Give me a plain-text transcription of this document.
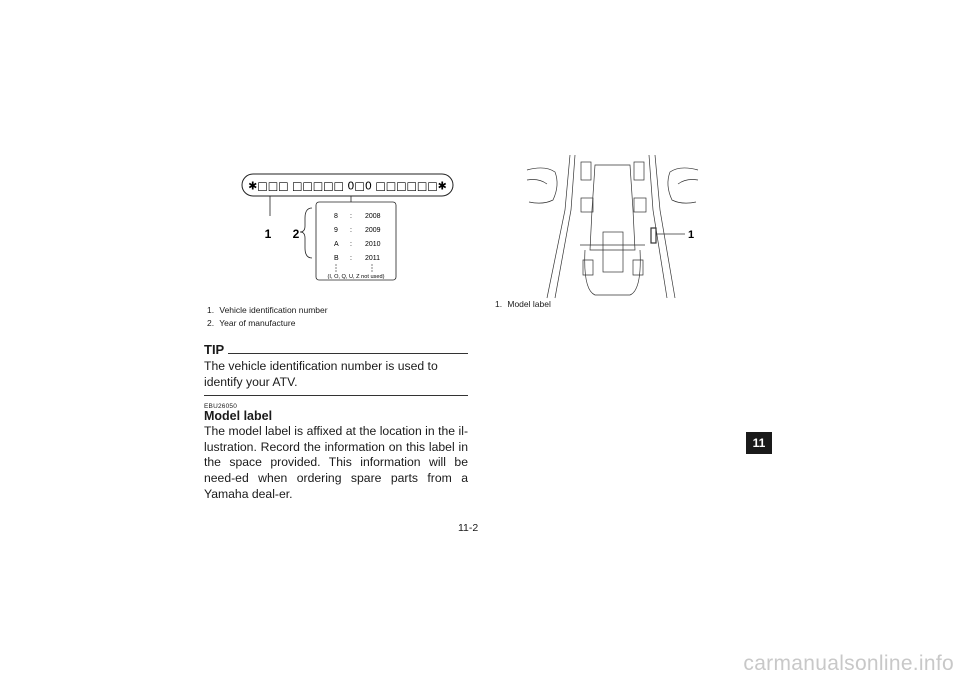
✱□□□ □□□□□ 0□0 □□□□□□✱
1 2
8 : 2008
9 : 2009
A : 2010
B : 2011
(I, O, Q, U, Z not used)
1. Vehicle identification number
2. Year of manufacture
TIP
The vehicle identification number is used to identify your ATV.
EBU26050
Model label
The model label is affixed at the location in the il-lustration. Record the information on this label in the space provided. This information will be need-ed when ordering spare parts from a Yamaha deal-er.
1
1. Model label
11
11-2
carmanualsonline.info
